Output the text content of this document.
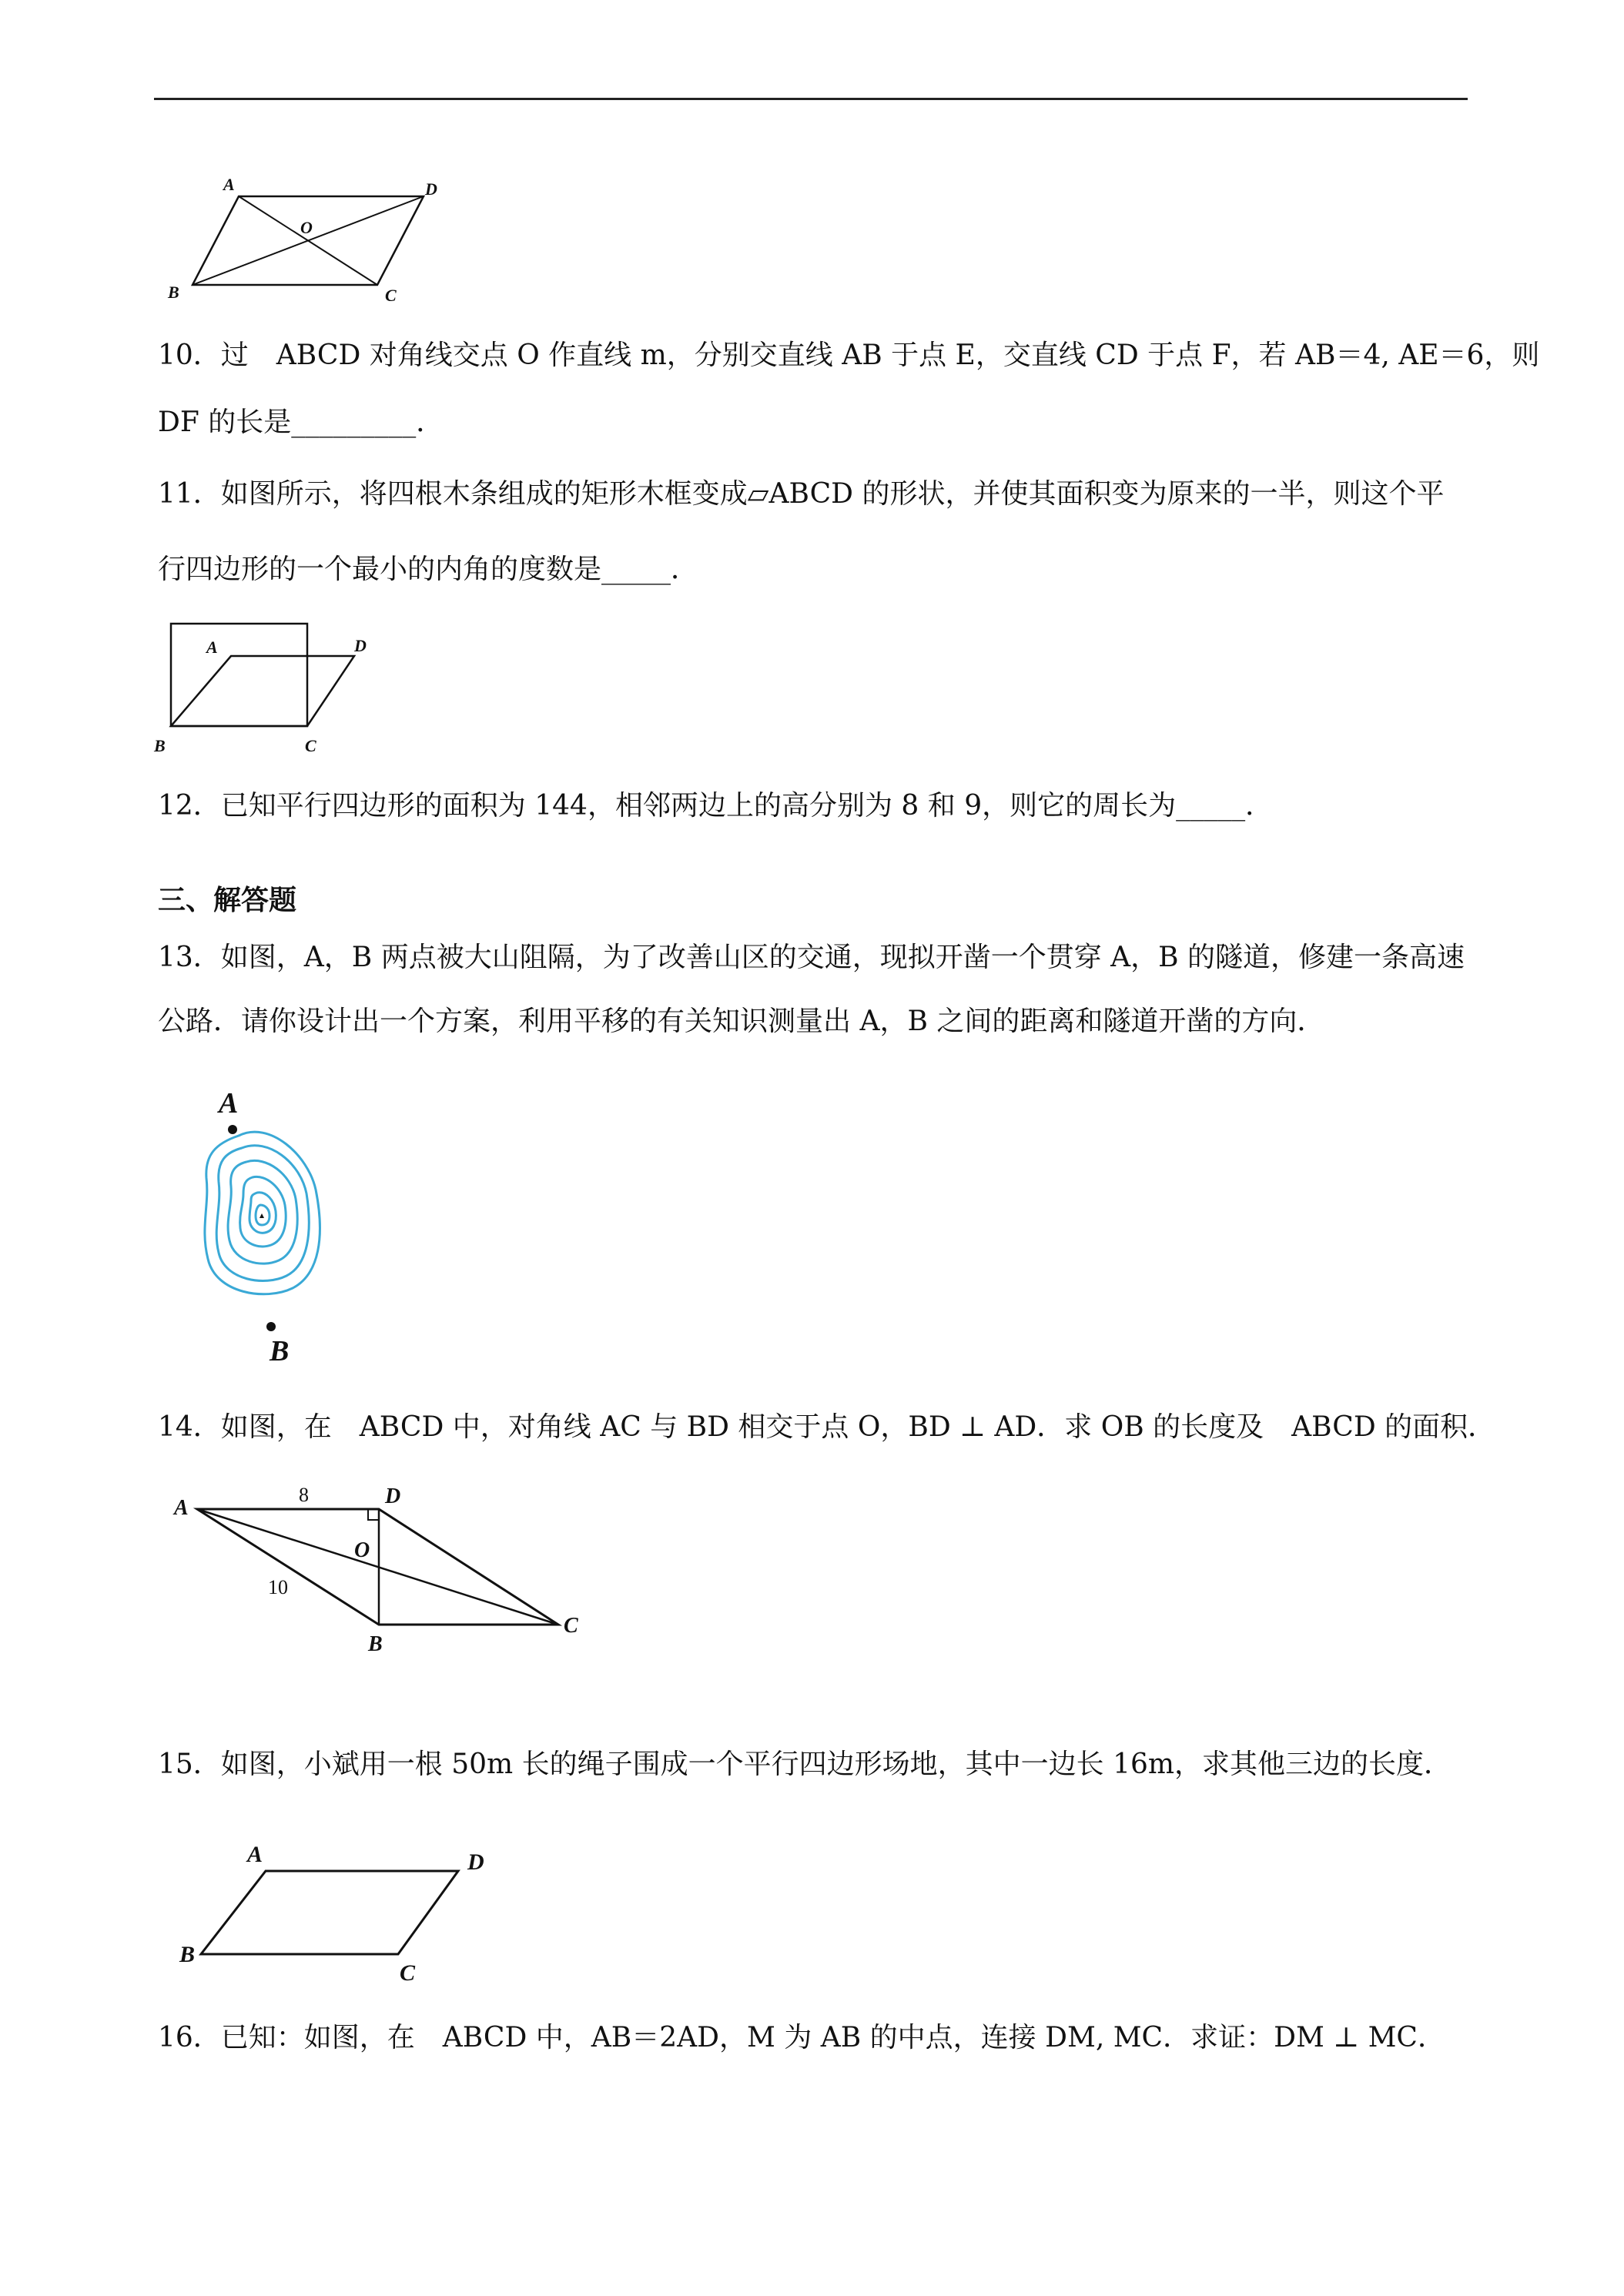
A	D
O
B	C
10．过　ABCD 对角线交点 O 作直线 m，分别交直线 AB 于点 E，交直线 CD 于点 F，若 AB＝4, AE＝6，则
DF 的长是_________．
11．如图所示，将四根木条组成的矩形木框变成▱ABCD 的形状，并使其面积变为原来的一半，则这个平
行四边形的一个最小的内角的度数是_____．
A	D
B	C
12．已知平行四边形的面积为 144，相邻两边上的高分别为 8 和 9，则它的周长为_____．
三、解答题
13．如图，A，B 两点被大山阻隔，为了改善山区的交通，现拟开凿一个贯穿 A，B 的隧道，修建一条高速
公路．请你设计出一个方案，利用平移的有关知识测量出 A，B 之间的距离和隧道开凿的方向．
A
B
14．如图，在　ABCD 中，对角线 AC 与 BD 相交于点 O，BD ⊥ AD．求 OB 的长度及　ABCD 的面积．
A	D
O
B
C
8
10
15．如图，小斌用一根 50m 长的绳子围成一个平行四边形场地，其中一边长 16m，求其他三边的长度．
A	D
B
C
16．已知：如图，在　ABCD 中，AB＝2AD，M 为 AB 的中点，连接 DM, MC．求证：DM ⊥ MC．
